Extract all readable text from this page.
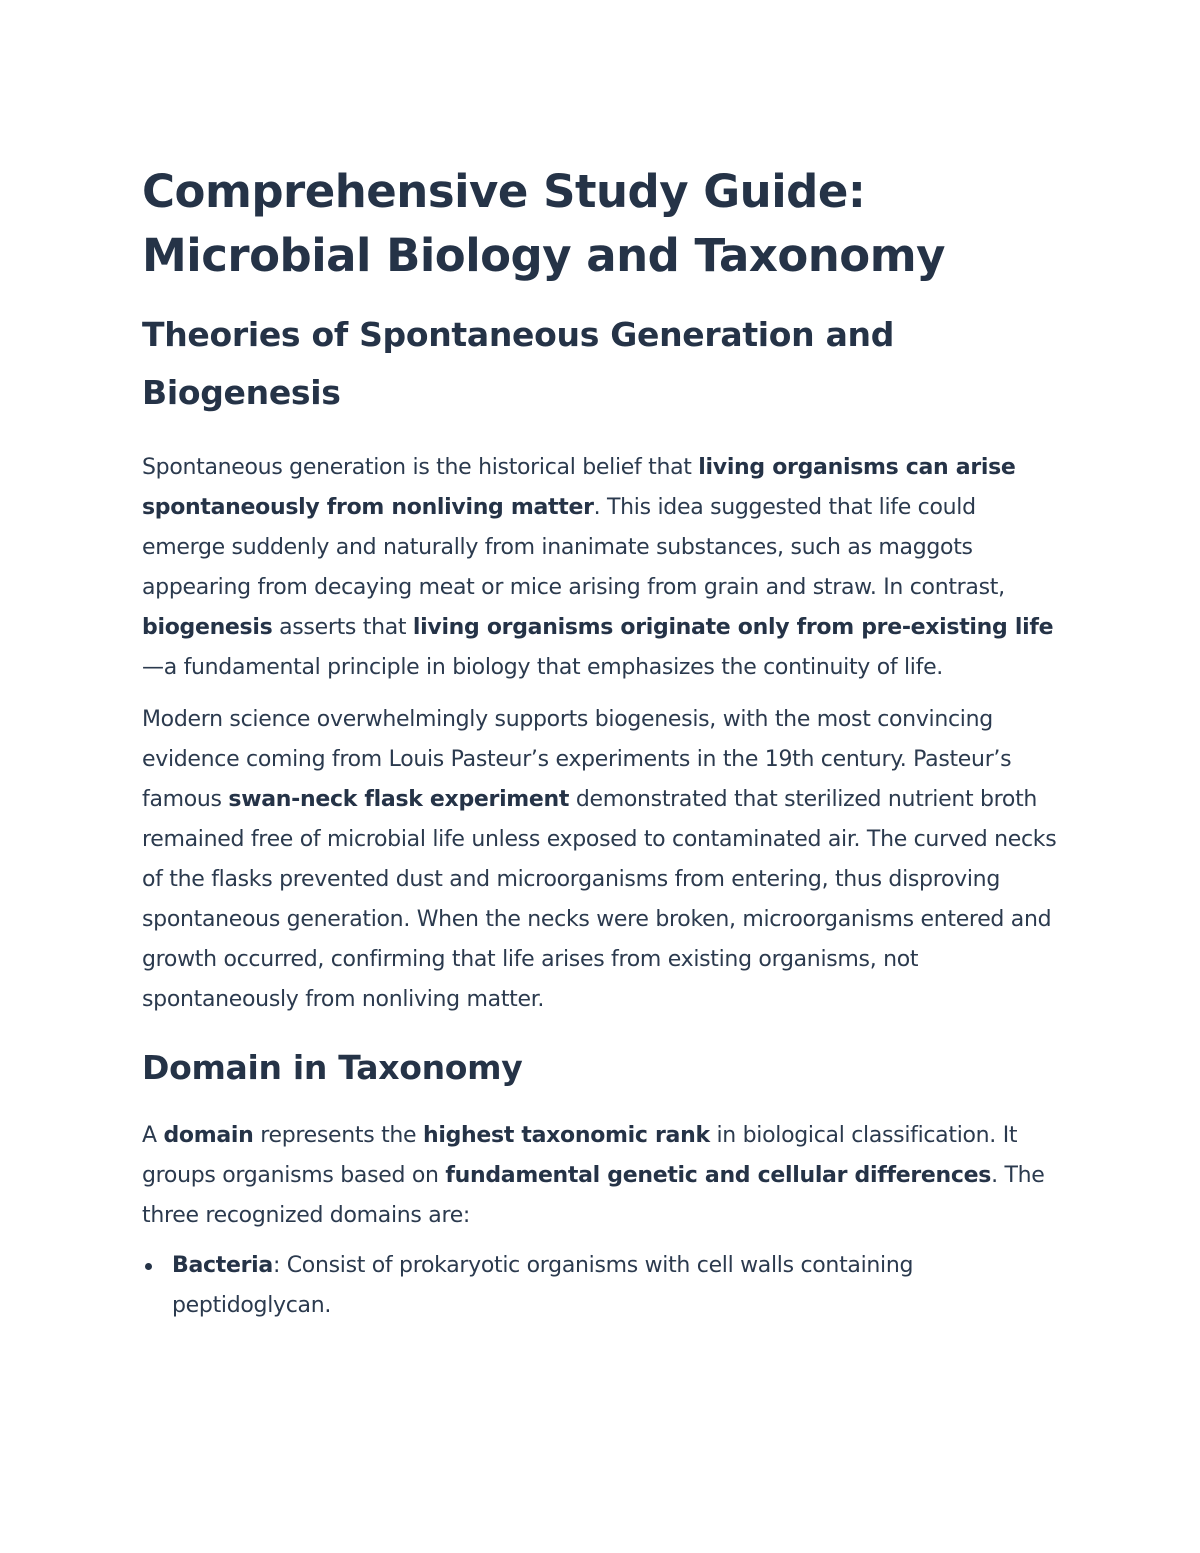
Comprehensive Study Guide: Microbial Biology and Taxonomy
Theories of Spontaneous Generation and Biogenesis

Spontaneous generation is the historical belief that living organisms can arise spontaneously from nonliving matter. This idea suggested that life could emerge suddenly and naturally from inanimate substances, such as maggots appearing from decaying meat or mice arising from grain and straw. In contrast, biogenesis asserts that living organisms originate only from pre-existing life—a fundamental principle in biology that emphasizes the continuity of life.

Modern science overwhelmingly supports biogenesis, with the most convincing evidence coming from Louis Pasteur’s experiments in the 19th century. Pasteur’s famous swan-neck flask experiment demonstrated that sterilized nutrient broth remained free of microbial life unless exposed to contaminated air. The curved necks of the flasks prevented dust and microorganisms from entering, thus disproving spontaneous generation. When the necks were broken, microorganisms entered and growth occurred, confirming that life arises from existing organisms, not spontaneously from nonliving matter.

Domain in Taxonomy

A domain represents the highest taxonomic rank in biological classification. It groups organisms based on fundamental genetic and cellular differences. The three recognized domains are:

Bacteria: Consist of prokaryotic organisms with cell walls containing peptidoglycan.
